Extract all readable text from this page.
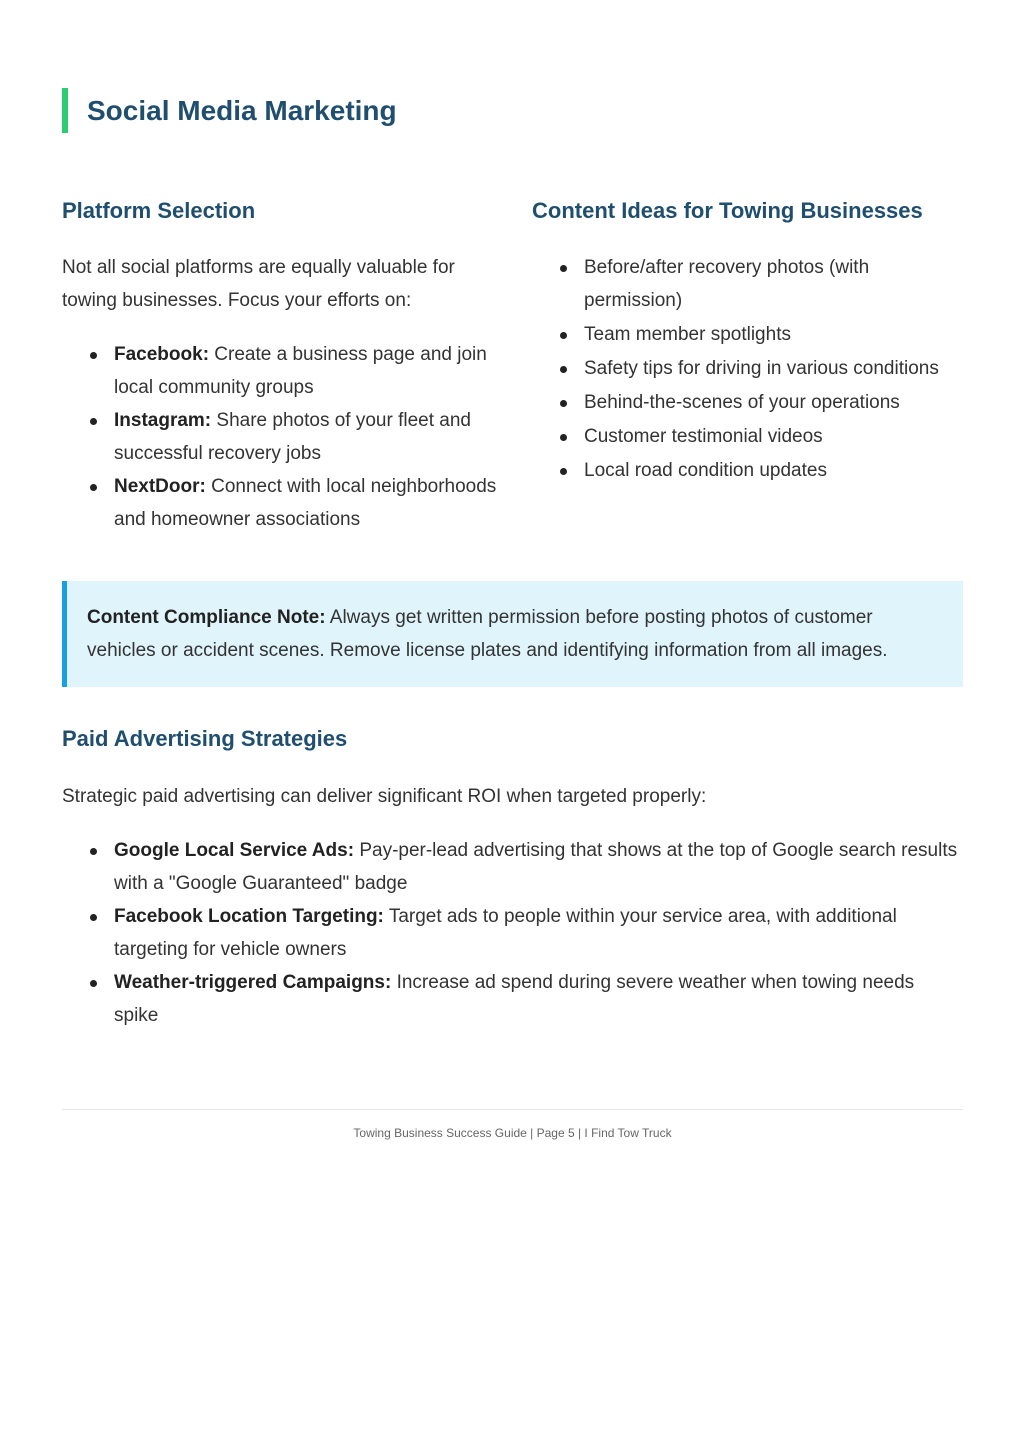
Social Media Marketing
Platform Selection

Not all social platforms are equally valuable for towing businesses. Focus your efforts on:

Facebook: Create a business page and join local community groups
Instagram: Share photos of your fleet and successful recovery jobs
NextDoor: Connect with local neighborhoods and homeowner associations
Content Ideas for Towing Businesses
Before/after recovery photos (with permission)
Team member spotlights
Safety tips for driving in various conditions
Behind-the-scenes of your operations
Customer testimonial videos
Local road condition updates
Content Compliance Note: Always get written permission before posting photos of customer vehicles or accident scenes. Remove license plates and identifying information from all images.
Paid Advertising Strategies

Strategic paid advertising can deliver significant ROI when targeted properly:

Google Local Service Ads: Pay-per-lead advertising that shows at the top of Google search results with a "Google Guaranteed" badge
Facebook Location Targeting: Target ads to people within your service area, with additional targeting for vehicle owners
Weather-triggered Campaigns: Increase ad spend during severe weather when towing needs spike
Towing Business Success Guide | Page 5 | I Find Tow Truck
